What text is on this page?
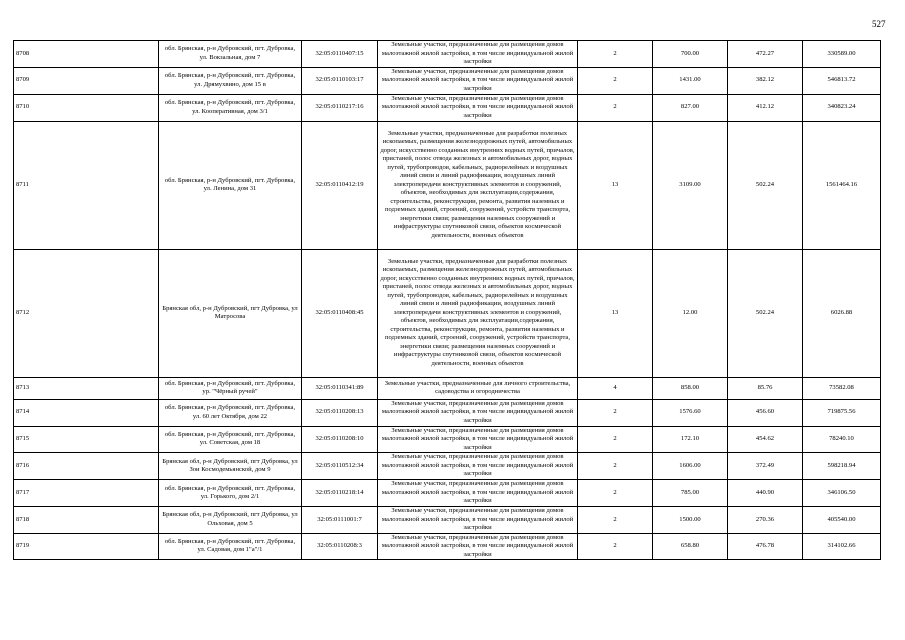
527
8708	обл. Брянская, р-н Дубровский, пгт. Дубровка, ул. Вокзальная, дом 7	32:05:0110407:15	Земельные участки, предназначенные для размещения домов малоэтажной жилой застройки, в том числе индивидуальной жилой застройки	2	700.00	472.27	330589.00
8709	обл. Брянская, р-н Дубровский, пгт. Дубровка, ул. Дрямухвино, дом 15 в	32:05:0110103:17	Земельные участки, предназначенные для размещения домов малоэтажной жилой застройки, в том числе индивидуальной жилой застройки	2	1431.00	382.12	546813.72
8710	обл. Брянская, р-н Дубровский, пгт. Дубровка, ул. Кооперативная, дом 3/1	32:05:0110217:16	Земельные участки, предназначенные для размещения домов малоэтажной жилой застройки, в том числе индивидуальной жилой застройки	2	827.00	412.12	340823.24
8711	обл. Брянская, р-н Дубровский, пгт. Дубровка, ул. Ленина, дом 31	32:05:0110412:19	Земельные участки, предназначенные для разработки полезных ископаемых, размещения железнодорожных путей, автомобильных дорог, искусственно созданных внутренних водных путей, причалов, пристаней, полос отвода железных и автомобильных дорог, водных путей, трубопроводов, кабельных, радиорелейных и воздушных линий связи и линий радиофикации, воздушных линий электропередачи конструктивных элементов и сооружений, объектов, необходимых для эксплуатации,содержания, строительства, реконструкции, ремонта, развития наземных и подземных зданий, строений, сооружений, устройств транспорта, энергетики связи; размещения наземных сооружений и инфраструктуры спутниковой связи, объектов космической деятельности, военных объектов	13	3109.00	502.24	1561464.16
8712	Брянская обл, р-н Дубровский, пгт Дубровка, ул Матросова	32:05:0110408:45	Земельные участки, предназначенные для разработки полезных ископаемых, размещения железнодорожных путей, автомобильных дорог, искусственно созданных внутренних водных путей, причалов, пристаней, полос отвода железных и автомобильных дорог, водных путей, трубопроводов, кабельных, радиорелейных и воздушных линий связи и линий радиофикации, воздушных линий электропередачи конструктивных элементов и сооружений, объектов, необходимых для эксплуатации,содержания, строительства, реконструкции, ремонта, развития наземных и подземных зданий, строений, сооружений, устройств транспорта, энергетики связи; размещения наземных сооружений и инфраструктуры спутниковой связи, объектов космической деятельности, военных объектов	13	12.00	502.24	6026.88
8713	обл. Брянская, р-н Дубровский, пгт. Дубровка, ур. "Чёрный ручей"	32:05:0110341:89	Земельные участки, предназначенные для личного строительства, садоводства и огородничества	4	858.00	85.76	73582.08
8714	обл. Брянская, р-н Дубровский, пгт. Дубровка, ул. 60 лет Октября, дом 22	32:05:0110208:13	Земельные участки, предназначенные для размещения домов малоэтажной жилой застройки, в том числе индивидуальной жилой застройки	2	1576.60	456.60	719875.56
8715	обл. Брянская, р-н Дубровский, пгт. Дубровка, ул. Советская, дом 18	32:05:0110208:10	Земельные участки, предназначенные для размещения домов малоэтажной жилой застройки, в том числе индивидуальной жилой застройки	2	172.10	454.62	78240.10
8716	Брянская обл, р-н Дубровский, пгт Дубровка, ул Зои Космодемьянской, дом 9	32:05:0110512:34	Земельные участки, предназначенные для размещения домов малоэтажной жилой застройки, в том числе индивидуальной жилой застройки	2	1606.00	372.49	598218.94
8717	обл. Брянская, р-н Дубровский, пгт. Дубровка, ул. Горького, дом 2/1	32:05:0110218:14	Земельные участки, предназначенные для размещения домов малоэтажной жилой застройки, в том числе индивидуальной жилой застройки	2	785.00	440.90	346106.50
8718	Брянская обл, р-н Дубровский, пгт Дубровка, ул Ольховая, дом 5	32:05:0111001:7	Земельные участки, предназначенные для размещения домов малоэтажной жилой застройки, в том числе индивидуальной жилой застройки	2	1500.00	270.36	405540.00
8719	обл. Брянская, р-н Дубровский, пгт. Дубровка, ул. Садовая, дом 1"а"/1	32:05:0110208:3	Земельные участки, предназначенные для размещения домов малоэтажной жилой застройки, в том числе индивидуальной жилой застройки	2	658.80	476.78	314102.66
